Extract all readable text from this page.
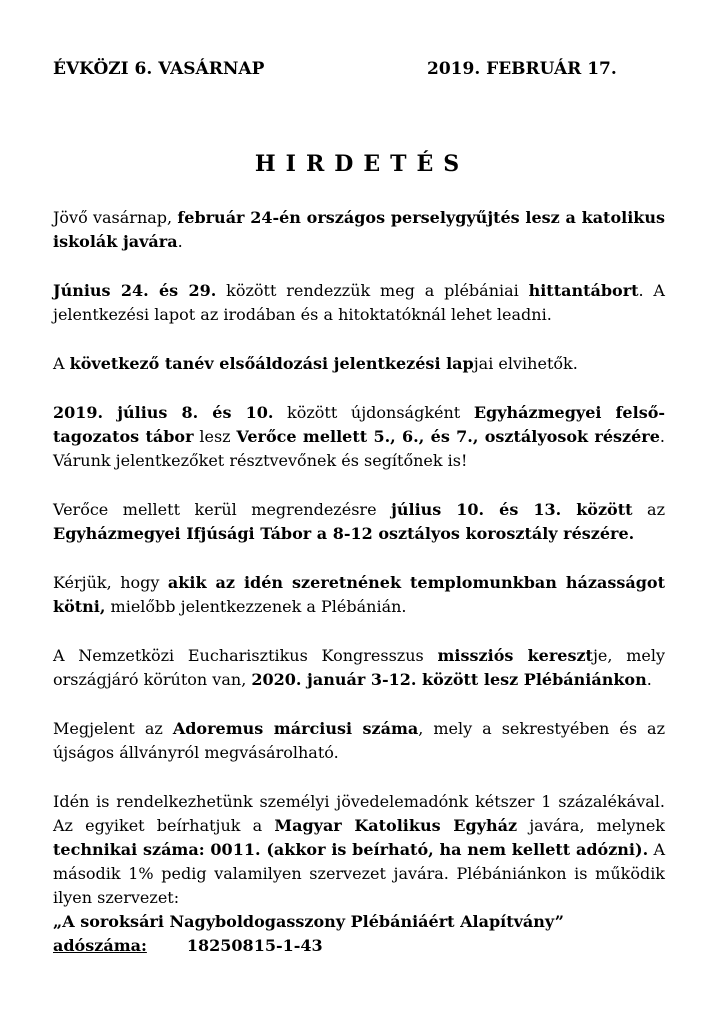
ÉVKÖZI 6. VASÁRNAP	2019. FEBRUÁR 17.
HIRDETÉS

Jövő vasárnap, február 24-én országos perselygyűjtés lesz a katolikus iskolák javára.

Június 24. és 29. között rendezzük meg a plébániai hittantábort. A jelentkezési lapot az irodában és a hitoktatóknál lehet leadni.

A következő tanév elsőáldozási jelentkezési lapjai elvihetők.

2019. július 8. és 10. között újdonságként Egyházmegyei felső-tagozatos tábor lesz Verőce mellett 5., 6., és 7., osztályosok részére. Várunk jelentkezőket résztvevőnek és segítőnek is!

Verőce mellett kerül megrendezésre július 10. és 13. között az Egyházmegyei Ifjúsági Tábor a 8-12 osztályos korosztály részére.

Kérjük, hogy akik az idén szeretnének templomunkban házasságot kötni, mielőbb jelentkezzenek a Plébánián.

A Nemzetközi Eucharisztikus Kongresszus missziós keresztje, mely országjáró körúton van, 2020. január 3-12. között lesz Plébániánkon.

Megjelent az Adoremus márciusi száma, mely a sekrestyében és az újságos állványról megvásárolható.

Idén is rendelkezhetünk személyi jövedelemadónk kétszer 1 százalékával. Az egyiket beírhatjuk a Magyar Katolikus Egyház javára, melynek technikai száma: 0011. (akkor is beírható, ha nem kellett adózni). A második 1% pedig valamilyen szervezet javára. Plébániánkon is működik ilyen szervezet:

„A soroksári Nagyboldogasszony Plébániáért Alapítvány”
adószáma:	18250815-1-43
